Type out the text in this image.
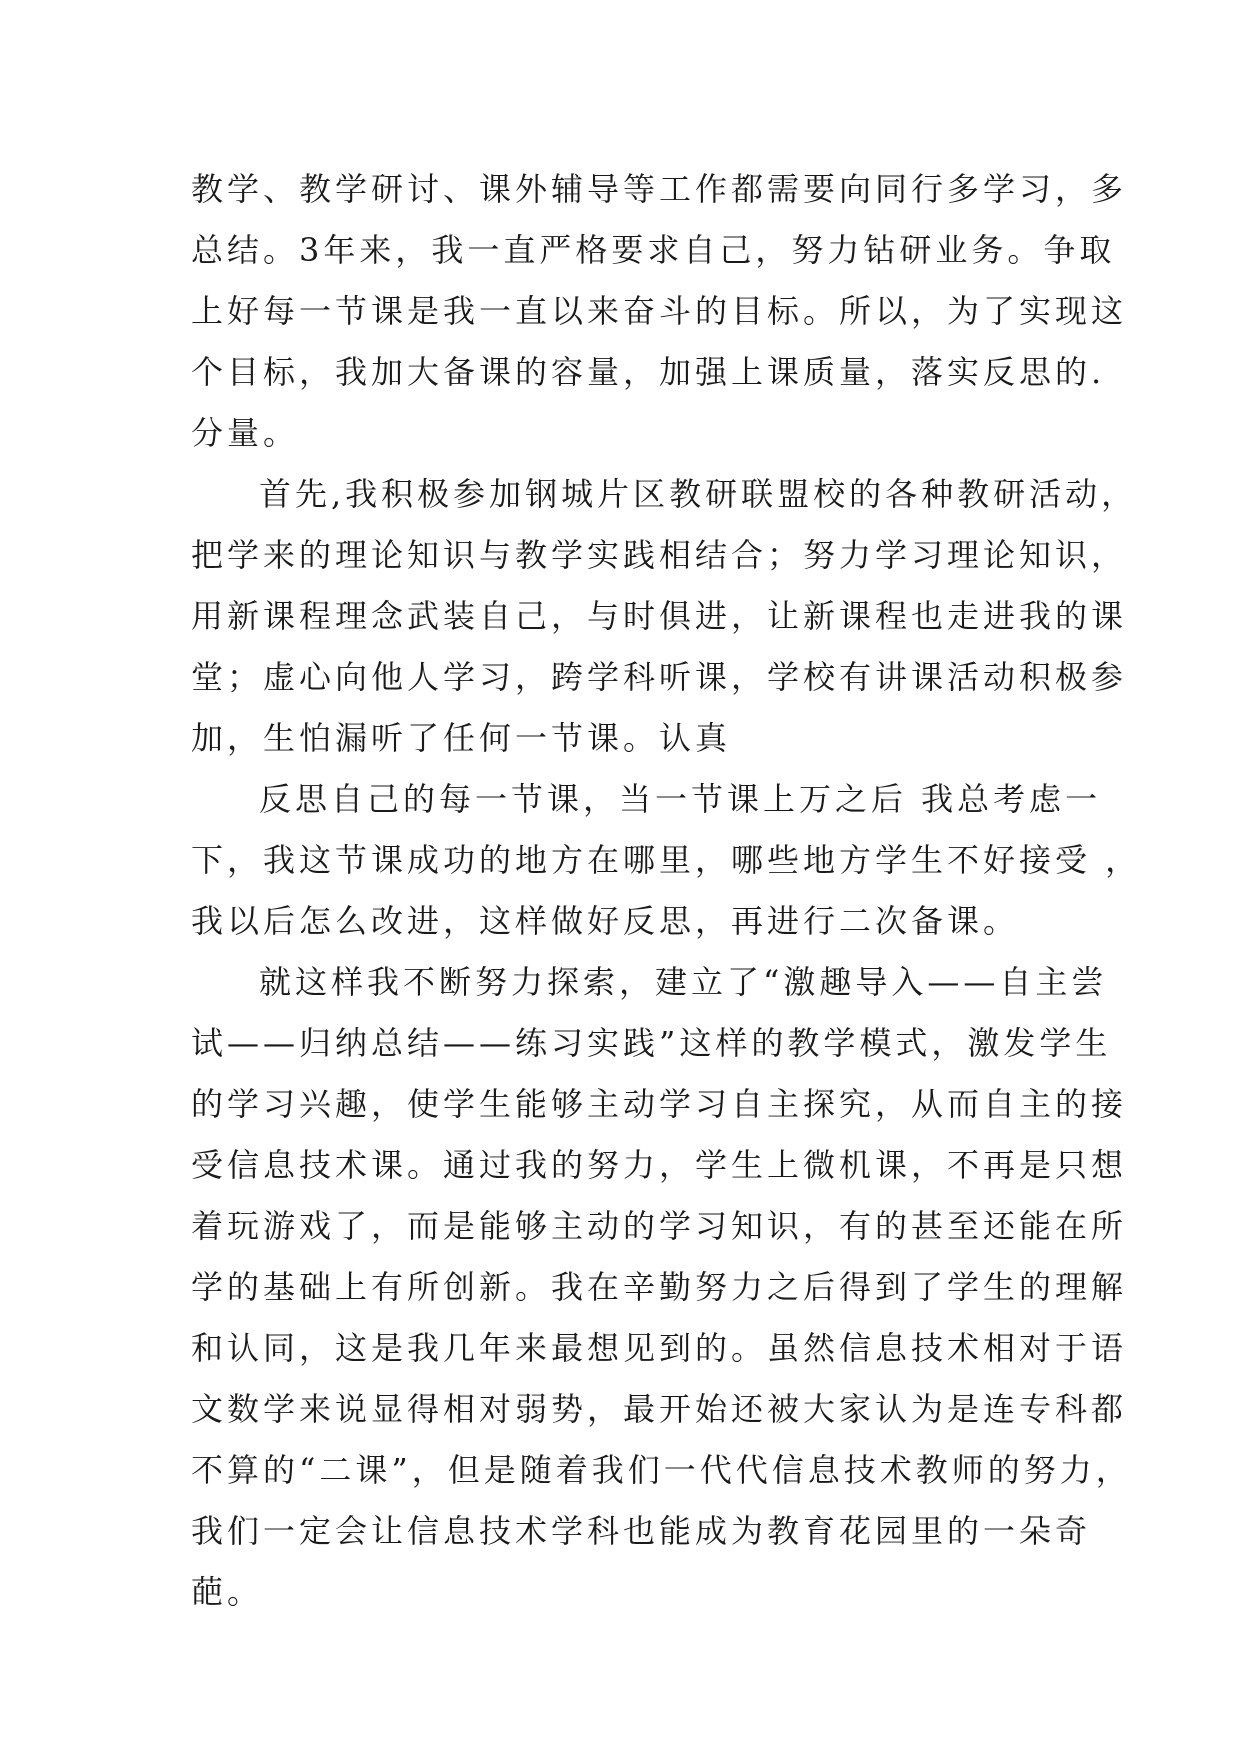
教学、教学研讨、课外辅导等工作都需要向同行多学习，多
总结。3年来，我一直严格要求自己，努力钻研业务。争取
上好每一节课是我一直以来奋斗的目标。所以，为了实现这
个目标，我加大备课的容量，加强上课质量，落实反思的.
分量。
首先,我积极参加钢城片区教研联盟校的各种教研活动，
把学来的理论知识与教学实践相结合；努力学习理论知识，
用新课程理念武装自己，与时俱进，让新课程也走进我的课
堂；虚心向他人学习，跨学科听课，学校有讲课活动积极参
加，生怕漏听了任何一节课。认真
反思自己的每一节课，当一节课上万之后 我总考虑一
下，我这节课成功的地方在哪里，哪些地方学生不好接受 ，
我以后怎么改进，这样做好反思，再进行二次备课。
就这样我不断努力探索，建立了“激趣导入——自主尝
试——归纳总结——练习实践”这样的教学模式，激发学生
的学习兴趣，使学生能够主动学习自主探究，从而自主的接
受信息技术课。通过我的努力，学生上微机课，不再是只想
着玩游戏了，而是能够主动的学习知识，有的甚至还能在所
学的基础上有所创新。我在辛勤努力之后得到了学生的理解
和认同，这是我几年来最想见到的。虽然信息技术相对于语
文数学来说显得相对弱势，最开始还被大家认为是连专科都
不算的“二课”，但是随着我们一代代信息技术教师的努力，
我们一定会让信息技术学科也能成为教育花园里的一朵奇
葩。
